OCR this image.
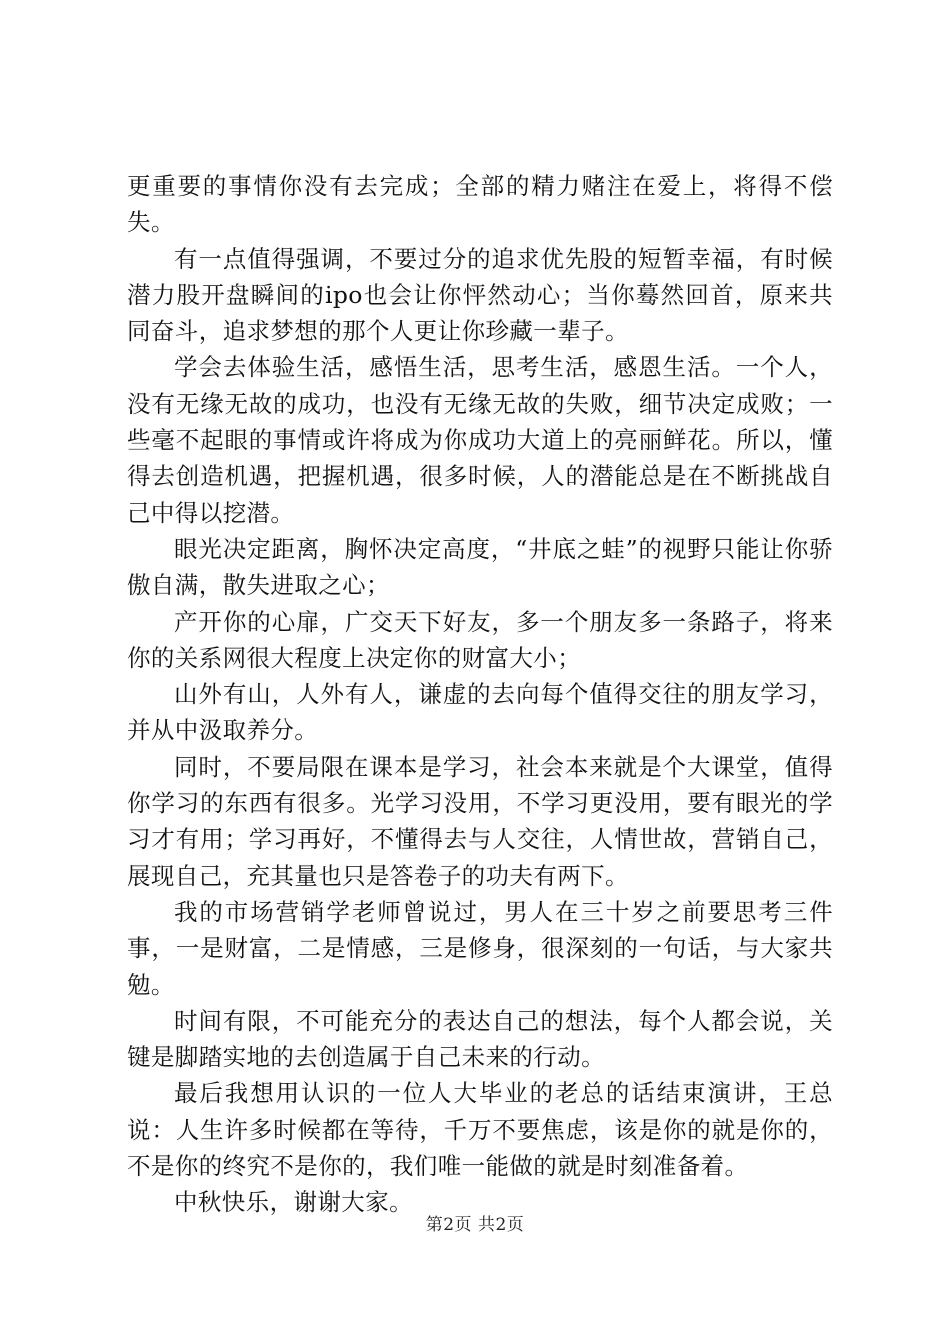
更重要的事情你没有去完成；全部的精力赌注在爱上，将得不偿失。

有一点值得强调，不要过分的追求优先股的短暂幸福，有时候潜力股开盘瞬间的ipo也会让你怦然动心；当你蓦然回首，原来共同奋斗，追求梦想的那个人更让你珍藏一辈子。

学会去体验生活，感悟生活，思考生活，感恩生活。一个人，没有无缘无故的成功，也没有无缘无故的失败，细节决定成败；一些毫不起眼的事情或许将成为你成功大道上的亮丽鲜花。所以，懂得去创造机遇，把握机遇，很多时候，人的潜能总是在不断挑战自己中得以挖潜。

眼光决定距离，胸怀决定高度，“井底之蛙”的视野只能让你骄傲自满，散失进取之心；

产开你的心扉，广交天下好友，多一个朋友多一条路子，将来你的关系网很大程度上决定你的财富大小；

山外有山，人外有人，谦虚的去向每个值得交往的朋友学习，并从中汲取养分。

同时，不要局限在课本是学习，社会本来就是个大课堂，值得你学习的东西有很多。光学习没用，不学习更没用，要有眼光的学习才有用；学习再好，不懂得去与人交往，人情世故，营销自己，展现自己，充其量也只是答卷子的功夫有两下。

我的市场营销学老师曾说过，男人在三十岁之前要思考三件事，一是财富，二是情感，三是修身，很深刻的一句话，与大家共勉。

时间有限，不可能充分的表达自己的想法，每个人都会说，关键是脚踏实地的去创造属于自己未来的行动。

最后我想用认识的一位人大毕业的老总的话结束演讲，王总说：人生许多时候都在等待，千万不要焦虑，该是你的就是你的，不是你的终究不是你的，我们唯一能做的就是时刻准备着。

中秋快乐，谢谢大家。

第2页 共2页
